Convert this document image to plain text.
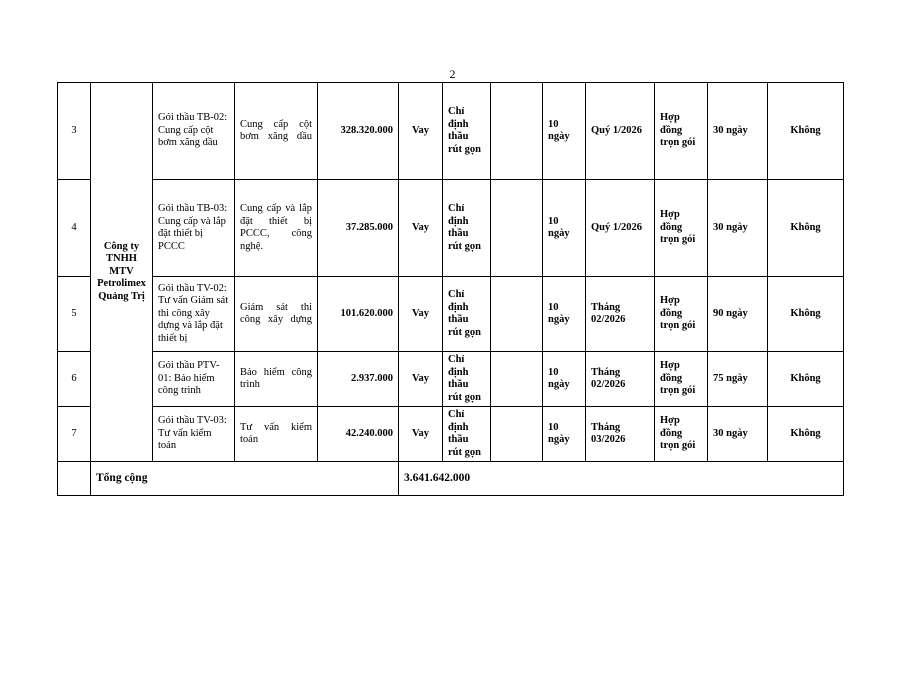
2
3	Công ty TNHH MTV Petrolimex Quảng Trị	Gói thầu TB-02: Cung cấp cột bơm xăng dầu	Cung cấp cột bơm xăng dầu	328.320.000	Vay	Chỉ định thầu rút gọn		10 ngày	Quý 1/2026	Hợp đồng trọn gói	30 ngày	Không
4		Gói thầu TB-03: Cung cấp và lắp đặt thiết bị PCCC	Cung cấp và lắp đặt thiết bị PCCC, công nghệ.	37.285.000	Vay	Chỉ định thầu rút gọn		10 ngày	Quý 1/2026	Hợp đồng trọn gói	30 ngày	Không
5		Gói thầu TV-02: Tư vấn Giám sát thi công xây dựng và lắp đặt thiết bị	Giám sát thi công xây dựng	101.620.000	Vay	Chỉ định thầu rút gọn		10 ngày	Tháng 02/2026	Hợp đồng trọn gói	90 ngày	Không
6		Gói thầu PTV-01: Bảo hiểm công trình	Bảo hiểm công trình	2.937.000	Vay	Chỉ định thầu rút gọn		10 ngày	Tháng 02/2026	Hợp đồng trọn gói	75 ngày	Không
7		Gói thầu TV-03: Tư vấn kiểm toán	Tư vấn kiểm toán	42.240.000	Vay	Chỉ định thầu rút gọn		10 ngày	Tháng 03/2026	Hợp đồng trọn gói	30 ngày	Không
	Tổng cộng				3.641.642.000							
